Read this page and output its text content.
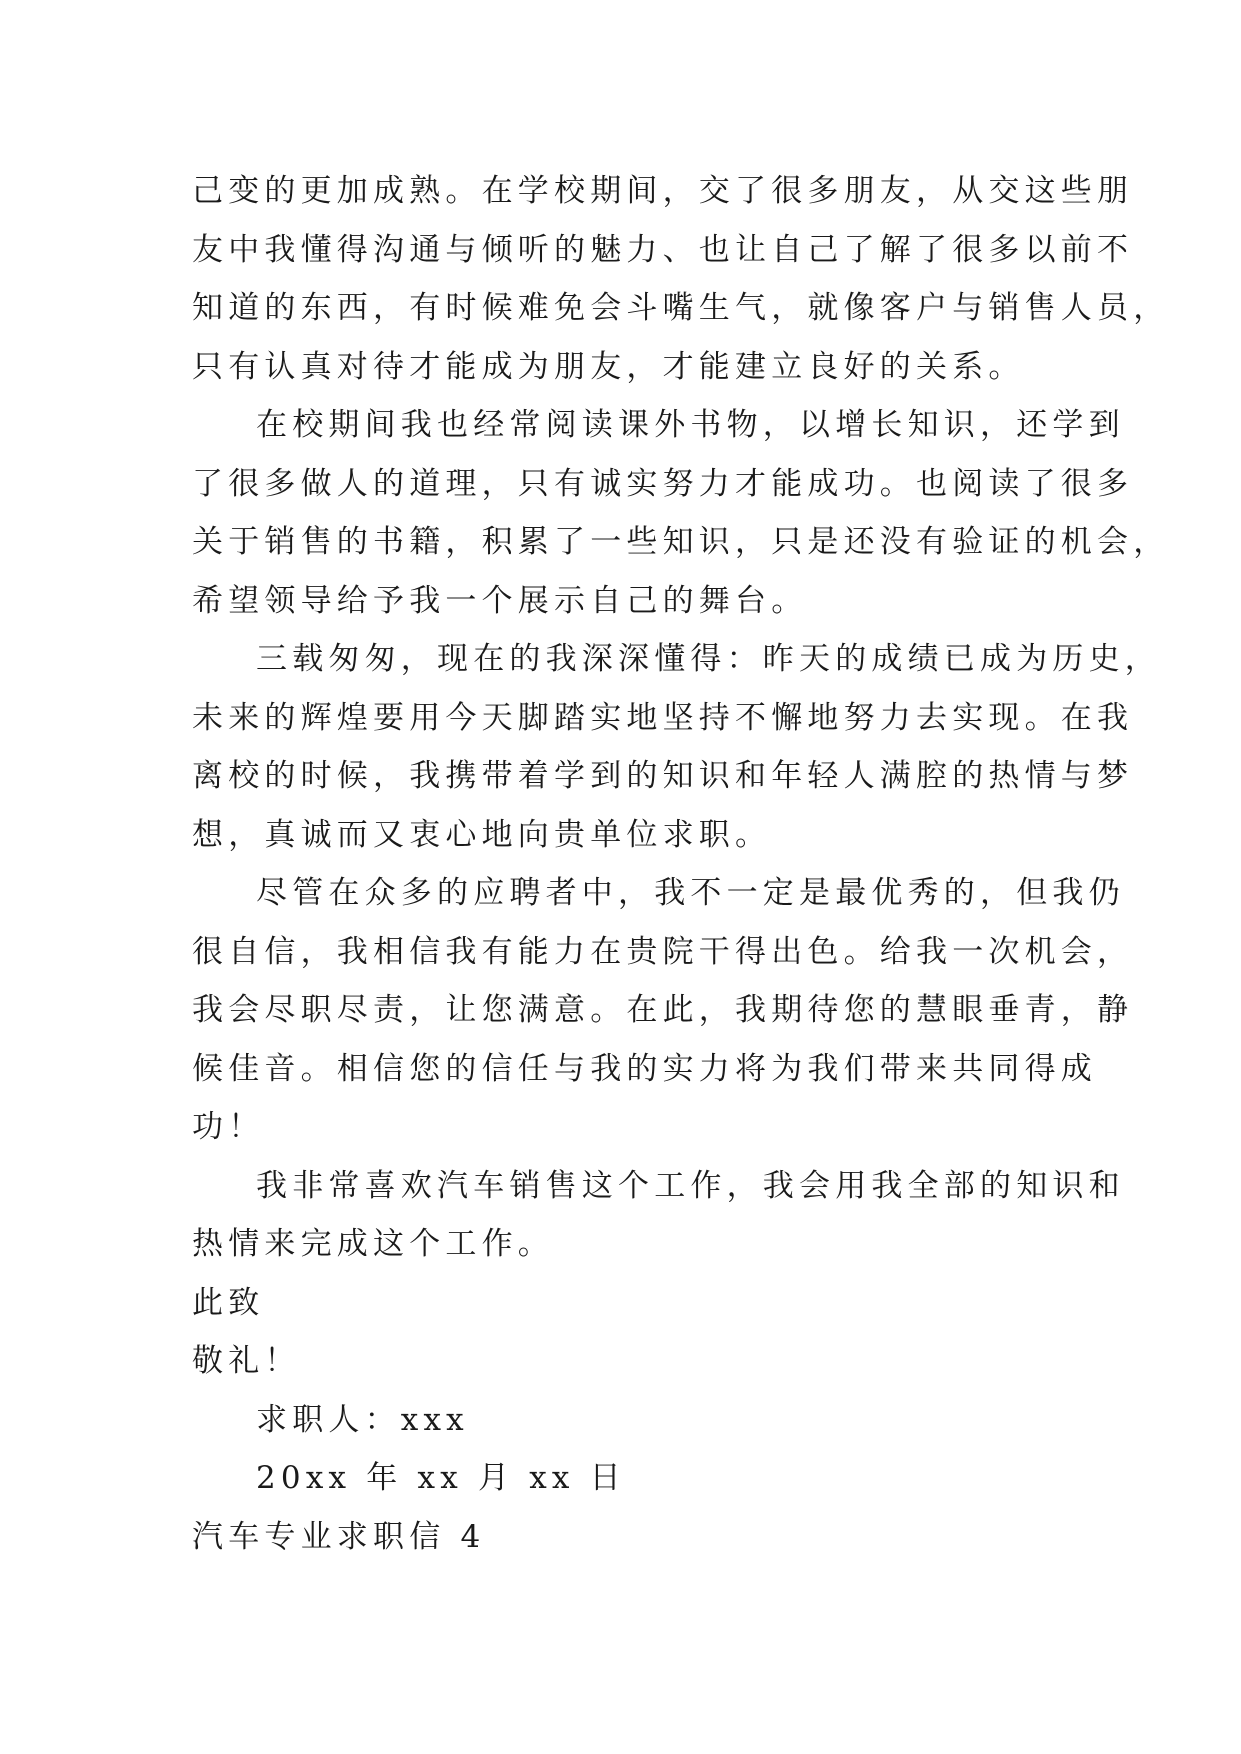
己变的更加成熟。在学校期间，交了很多朋友，从交这些朋
友中我懂得沟通与倾听的魅力、也让自己了解了很多以前不
知道的东西，有时候难免会斗嘴生气，就像客户与销售人员，
只有认真对待才能成为朋友，才能建立良好的关系。
在校期间我也经常阅读课外书物，以增长知识，还学到
了很多做人的道理，只有诚实努力才能成功。也阅读了很多
关于销售的书籍，积累了一些知识，只是还没有验证的机会，
希望领导给予我一个展示自己的舞台。
三载匆匆，现在的我深深懂得：昨天的成绩已成为历史，
未来的辉煌要用今天脚踏实地坚持不懈地努力去实现。在我
离校的时候，我携带着学到的知识和年轻人满腔的热情与梦
想，真诚而又衷心地向贵单位求职。
尽管在众多的应聘者中，我不一定是最优秀的，但我仍
很自信，我相信我有能力在贵院干得出色。给我一次机会，
我会尽职尽责，让您满意。在此，我期待您的慧眼垂青，静
候佳音。相信您的信任与我的实力将为我们带来共同得成
功！
我非常喜欢汽车销售这个工作，我会用我全部的知识和
热情来完成这个工作。
此致
敬礼！
求职人：xxx
20xx 年 xx 月 xx 日
汽车专业求职信 4
